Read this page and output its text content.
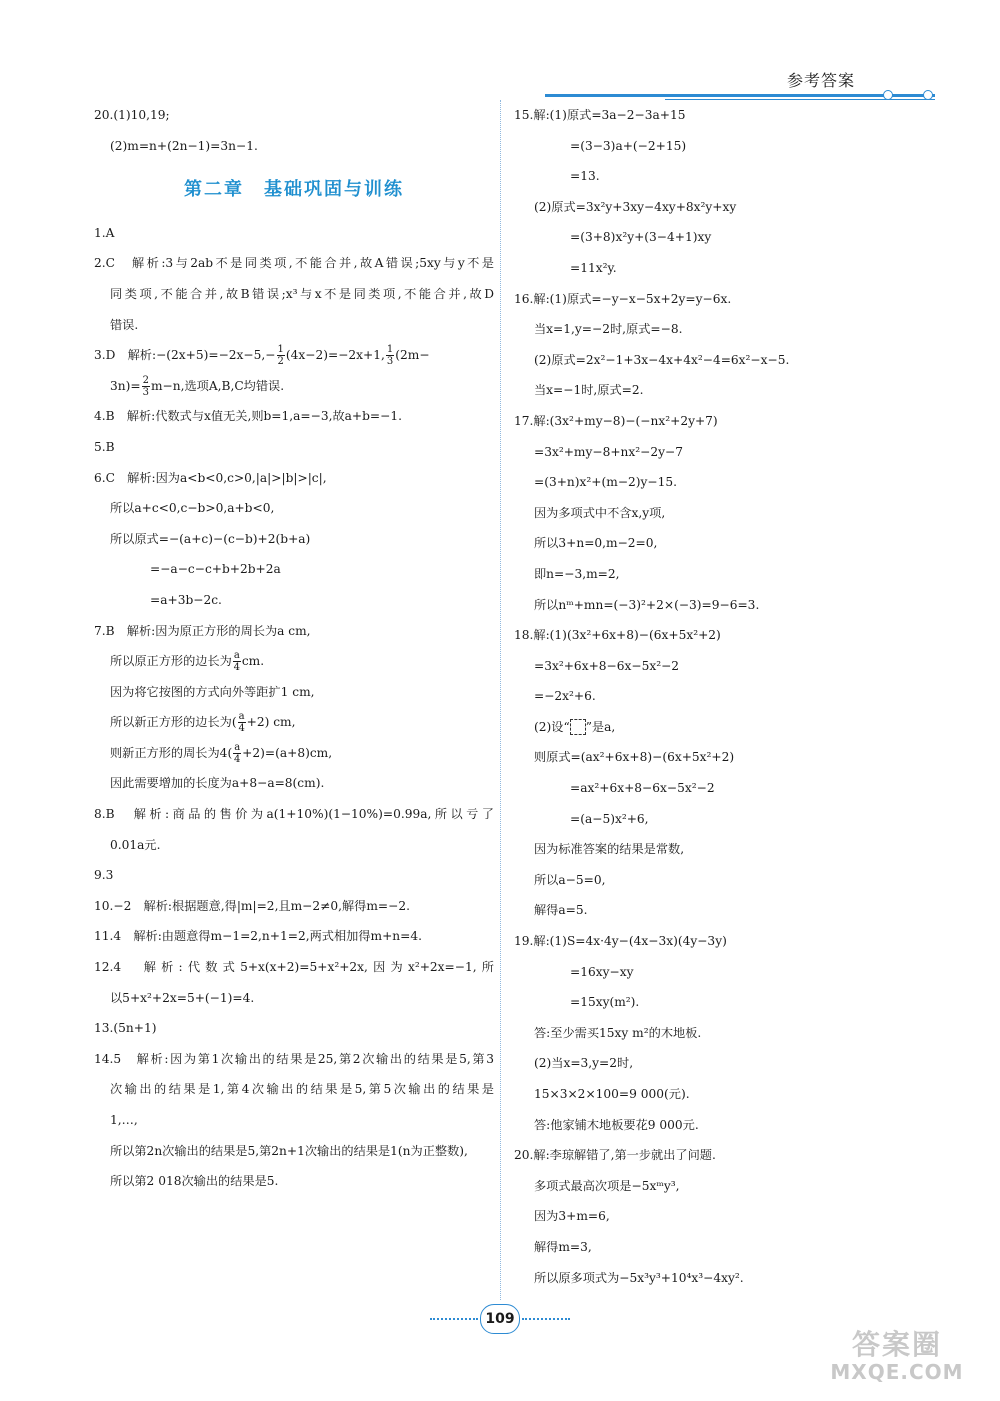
参考答案
20.(1)10,19;
(2)m=n+(2n−1)=3n−1.
第二章　基础巩固与训练
1.A
2.C　解析:3与2ab不是同类项,不能合并,故A错误;5xy与y不是
同类项,不能合并,故B错误;x³与x不是同类项,不能合并,故D
错误.
3.D　解析:−(2x+5)=−2x−5,− $\frac{1}{2} (4x-2)=-2x+1$, $\frac{1}{3} (2m-$
$3n)= \frac{2}{3} m-n$,选项A,B,C均错误.
4.B　解析:代数式与x值无关,则b=1,a=−3,故a+b=−1.
5.B
6.C　解析:因为a<b<0,c>0,|a|>|b|>|c|,
所以a+c<0,c−b>0,a+b<0,
所以原式=−(a+c)−(c−b)+2(b+a)
=−a−c−c+b+2b+2a
=a+3b−2c.
7.B　解析:因为原正方形的周长为a cm,
所以原正方形的边长为 $\frac{a}{4}$ cm.
因为将它按图的方式向外等距扩1 cm,
所以新正方形的边长为( $\frac{a}{4} +2$) cm,
则新正方形的周长为$4( \frac{a}{4} +2)=(a+8)cm$,
因此需要增加的长度为a+8−a=8(cm).
8.B　解析:商品的售价为a(1+10%)(1−10%)=0.99a,所以亏了
0.01a元.
9.3
10.−2　解析:根据题意,得|m|=2,且m−2≠0,解得m=−2.
11.4　解析:由题意得m−1=2,n+1=2,两式相加得m+n=4.
12.4　解析:代数式5+x(x+2)=5+x²+2x,因为x²+2x=−1,所
以5+x²+2x=5+(−1)=4.
13.(5n+1)
14.5　解析:因为第1次输出的结果是25,第2次输出的结果是5,第3
次输出的结果是1,第4次输出的结果是5,第5次输出的结果是
1,…,
所以第2n次输出的结果是5,第2n+1次输出的结果是1(n为正整数),
所以第2 018次输出的结果是5.
15.解:(1)原式=3a−2−3a+15
=(3−3)a+(−2+15)
=13.
(2)原式=3x²y+3xy−4xy+8x²y+xy
=(3+8)x²y+(3−4+1)xy
=11x²y.
16.解:(1)原式=−y−x−5x+2y=y−6x.
当x=1,y=−2时,原式=−8.
(2)原式=2x²−1+3x−4x+4x²−4=6x²−x−5.
当x=−1时,原式=2.
17.解:(3x²+my−8)−(−nx²+2y+7)
=3x²+my−8+nx²−2y−7
=(3+n)x²+(m−2)y−15.
因为多项式中不含x,y项,
所以3+n=0,m−2=0,
即n=−3,m=2,
所以nᵐ+mn=(−3)²+2×(−3)=9−6=3.
18.解:(1)(3x²+6x+8)−(6x+5x²+2)
=3x²+6x+8−6x−5x²−2
=−2x²+6.
(2)设“ ”是a,
则原式=(ax²+6x+8)−(6x+5x²+2)
=ax²+6x+8−6x−5x²−2
=(a−5)x²+6,
因为标准答案的结果是常数,
所以a−5=0,
解得a=5.
19.解:(1)S=4x·4y−(4x−3x)(4y−3y)
=16xy−xy
=15xy(m²).
答:至少需买15xy m²的木地板.
(2)当x=3,y=2时,
15×3×2×100=9 000(元).
答:他家铺木地板要花9 000元.
20.解:李琼解错了,第一步就出了问题.
多项式最高次项是−5xᵐy³,
因为3+m=6,
解得m=3,
所以原多项式为−5x³y³+10⁴x³−4xy².
109
答案圈
MXQE.COM
